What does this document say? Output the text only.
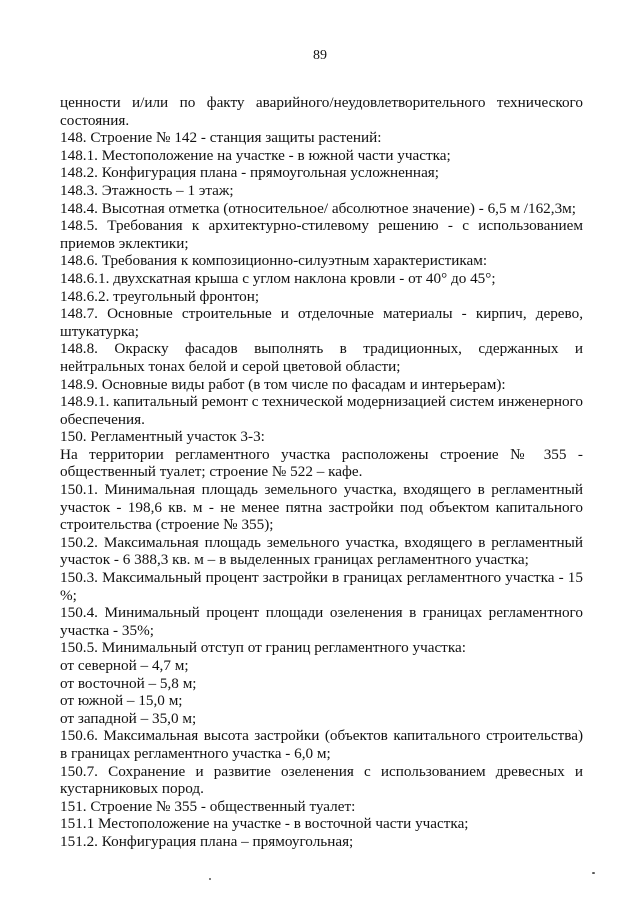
89

ценности и/или по факту аварийного/неудовлетворительного технического состояния.

148. Строение № 142 - станция защиты растений:

148.1. Местоположение на участке - в южной части участка;

148.2. Конфигурация плана - прямоугольная усложненная;

148.3. Этажность – 1 этаж;

148.4. Высотная отметка (относительное/ абсолютное значение) - 6,5 м /162,3м;

148.5. Требования к архитектурно-стилевому решению - с использованием приемов эклектики;

148.6. Требования к композиционно-силуэтным характеристикам:

148.6.1. двухскатная крыша с углом наклона кровли - от 40° до 45°;

148.6.2. треугольный фронтон;

148.7. Основные строительные и отделочные материалы - кирпич, дерево, штукатурка;

148.8. Окраску фасадов выполнять в традиционных, сдержанных и нейтральных тонах белой и серой цветовой области;

148.9. Основные виды работ (в том числе по фасадам и интерьерам):

148.9.1. капитальный ремонт с технической модернизацией систем инженерного обеспечения.

150. Регламентный участок 3-3:

На территории регламентного участка расположены строение № 355 - общественный туалет; строение № 522 – кафе.

150.1. Минимальная площадь земельного участка, входящего в регламентный участок - 198,6 кв. м - не менее пятна застройки под объектом капитального строительства (строение № 355);

150.2. Максимальная площадь земельного участка, входящего в регламентный участок - 6 388,3 кв. м – в выделенных границах регламентного участка;

150.3. Максимальный процент застройки в границах регламентного участка - 15 %;

150.4. Минимальный процент площади озеленения в границах регламентного участка - 35%;

150.5. Минимальный отступ от границ регламентного участка:

от северной – 4,7 м;

от восточной – 5,8 м;

от южной – 15,0 м;

от западной – 35,0 м;

150.6. Максимальная высота застройки (объектов капитального строительства) в границах регламентного участка - 6,0 м;

150.7. Сохранение и развитие озеленения с использованием древесных и кустарниковых пород.

151. Строение № 355 - общественный туалет:

151.1 Местоположение на участке - в восточной части участка;

151.2. Конфигурация плана – прямоугольная;
